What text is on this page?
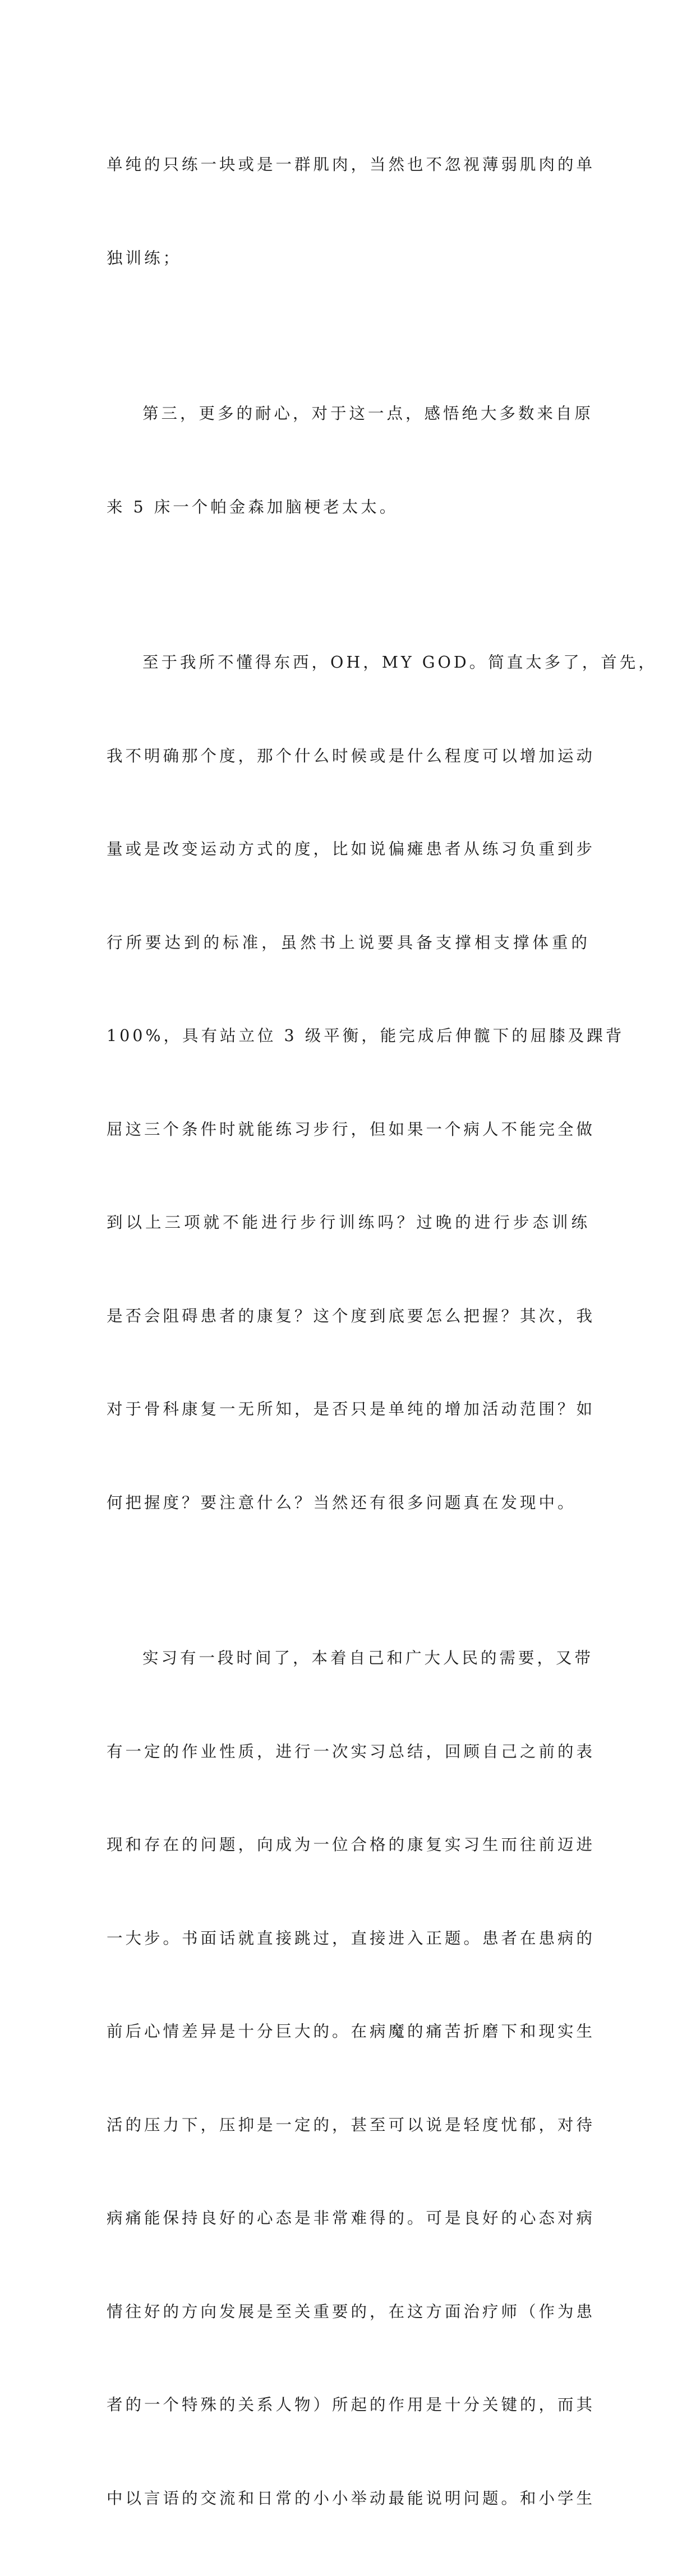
单纯的只练一块或是一群肌肉，当然也不忽视薄弱肌肉的单

独训练；

第三，更多的耐心，对于这一点，感悟绝大多数来自原

来 5 床一个帕金森加脑梗老太太。

至于我所不懂得东西，OH，MY GOD。简直太多了，首先，

我不明确那个度，那个什么时候或是什么程度可以增加运动

量或是改变运动方式的度，比如说偏瘫患者从练习负重到步

行所要达到的标准，虽然书上说要具备支撑相支撑体重的

100%，具有站立位 3 级平衡，能完成后伸髋下的屈膝及踝背

屈这三个条件时就能练习步行，但如果一个病人不能完全做

到以上三项就不能进行步行训练吗？过晚的进行步态训练

是否会阻碍患者的康复？这个度到底要怎么把握？其次，我

对于骨科康复一无所知，是否只是单纯的增加活动范围？如

何把握度？要注意什么？当然还有很多问题真在发现中。

实习有一段时间了，本着自己和广大人民的需要，又带

有一定的作业性质，进行一次实习总结，回顾自己之前的表

现和存在的问题，向成为一位合格的康复实习生而往前迈进

一大步。书面话就直接跳过，直接进入正题。患者在患病的

前后心情差异是十分巨大的。在病魔的痛苦折磨下和现实生

活的压力下，压抑是一定的，甚至可以说是轻度忧郁，对待

病痛能保持良好的心态是非常难得的。可是良好的心态对病

情往好的方向发展是至关重要的，在这方面治疗师（作为患

者的一个特殊的关系人物）所起的作用是十分关键的，而其

中以言语的交流和日常的小小举动最能说明问题。和小学生
